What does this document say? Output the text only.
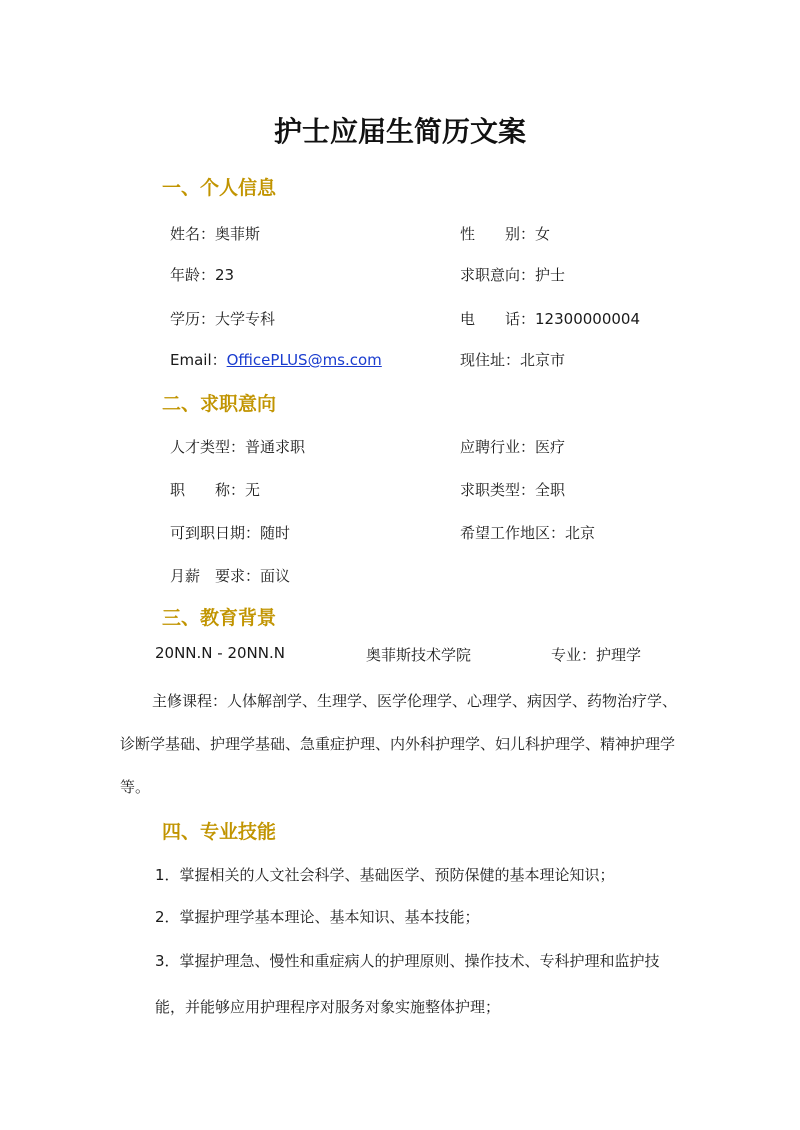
护士应届生简历文案
一、个人信息
姓名：奥菲斯	性　　别：女
年龄：23	求职意向：护士
学历：大学专科	电　　话：12300000004
Email：OfficePLUS@ms.com	现住址：北京市
二、求职意向
人才类型：普通求职	应聘行业：医疗
职　　称：无	求职类型：全职
可到职日期：随时	希望工作地区：北京
月薪　要求：面议
三、教育背景
20NN.N - 20NN.N	奥菲斯技术学院	专业：护理学
主修课程：人体解剖学、生理学、医学伦理学、心理学、病因学、药物治疗学、诊断学基础、护理学基础、急重症护理、内外科护理学、妇儿科护理学、精神护理学等。
四、专业技能
1．掌握相关的人文社会科学、基础医学、预防保健的基本理论知识；
2．掌握护理学基本理论、基本知识、基本技能；
3．掌握护理急、慢性和重症病人的护理原则、操作技术、专科护理和监护技能，并能够应用护理程序对服务对象实施整体护理；
